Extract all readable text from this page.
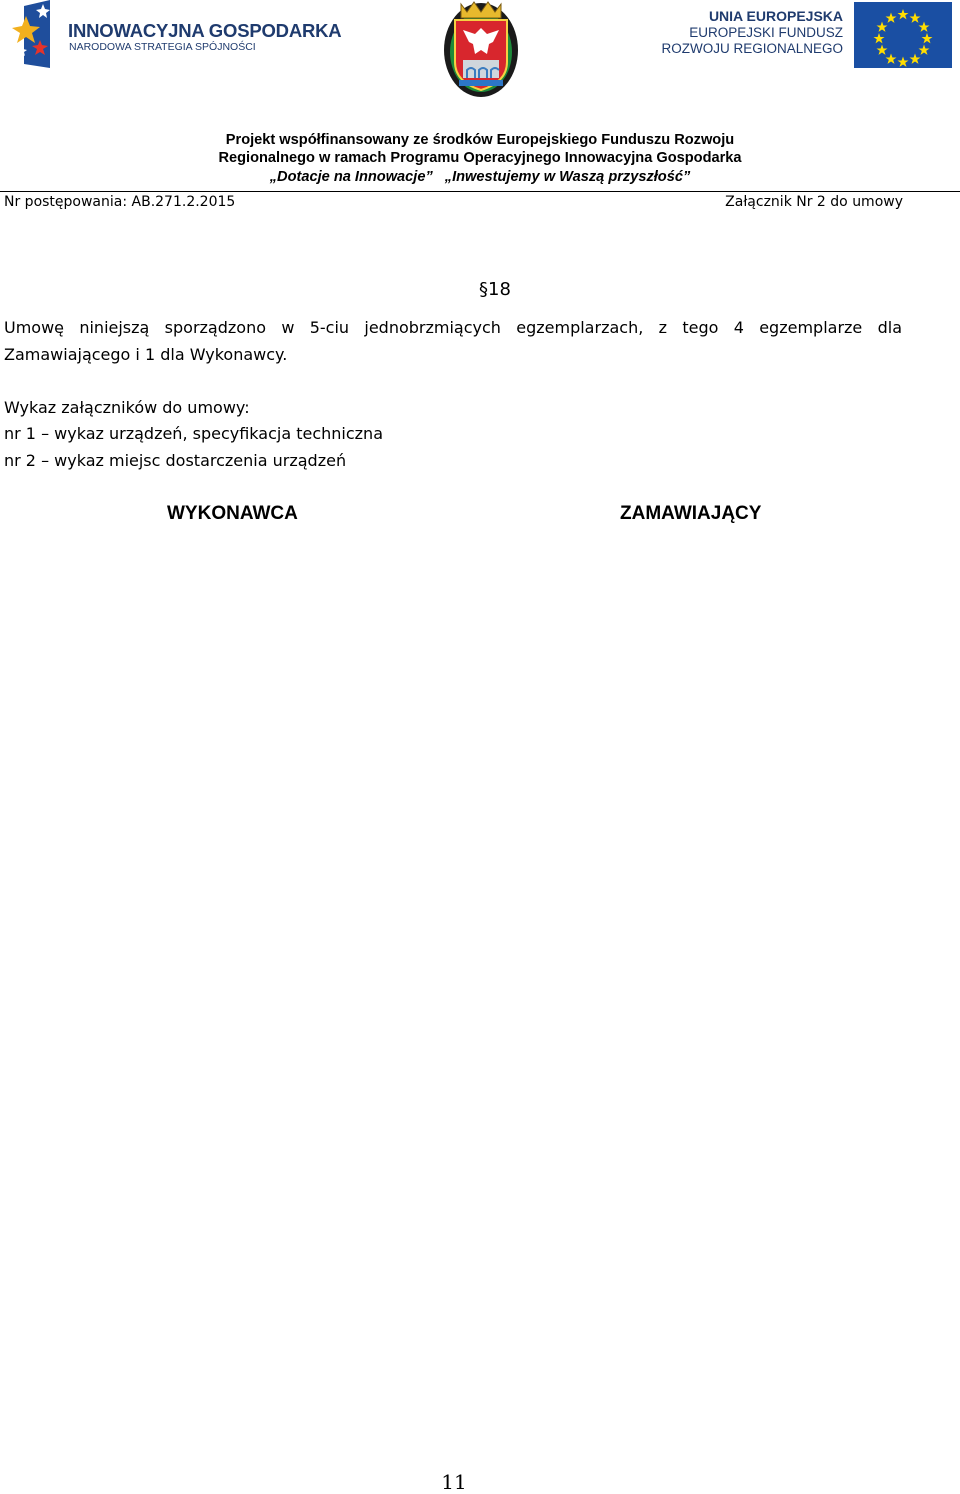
INNOWACYJNA GOSPODARKA
NARODOWA STRATEGIA SPÓJNOŚCI
UNIA EUROPEJSKA
EUROPEJSKI FUNDUSZ
ROZWOJU REGIONALNEGO
Projekt współfinansowany ze środków Europejskiego Funduszu Rozwoju
Regionalnego w ramach Programu Operacyjnego Innowacyjna Gospodarka
„Dotacje na Innowacje” „Inwestujemy w Waszą przyszłość”
Nr postępowania: AB.271.2.2015	Załącznik Nr 2 do umowy
§18
Umowę niniejszą sporządzono w 5-ciu jednobrzmiących egzemplarzach, z tego 4 egzemplarze dla
Zamawiającego i 1 dla Wykonawcy.
Wykaz załączników do umowy:
nr 1 – wykaz urządzeń, specyfikacja techniczna
nr 2 – wykaz miejsc dostarczenia urządzeń
WYKONAWCA	ZAMAWIAJĄCY
11
